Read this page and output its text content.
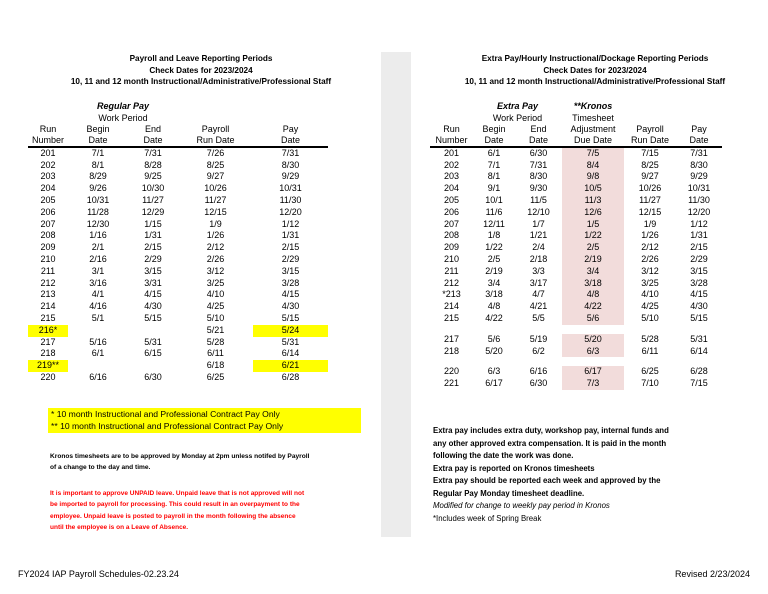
Payroll and Leave Reporting Periods
Check Dates for 2023/2024
10, 11 and 12 month Instructional/Administrative/Professional Staff
	Regular Pay			
	Work Period			
Run	Begin	End	Payroll	Pay
Number	Date	Date	Run Date	Date
201	7/1	7/31	7/26	7/31
202	8/1	8/28	8/25	8/30
203	8/29	9/25	9/27	9/29
204	9/26	10/30	10/26	10/31
205	10/31	11/27	11/27	11/30
206	11/28	12/29	12/15	12/20
207	12/30	1/15	1/9	1/12
208	1/16	1/31	1/26	1/31
209	2/1	2/15	2/12	2/15
210	2/16	2/29	2/26	2/29
211	3/1	3/15	3/12	3/15
212	3/16	3/31	3/25	3/28
213	4/1	4/15	4/10	4/15
214	4/16	4/30	4/25	4/30
215	5/1	5/15	5/10	5/15
216*			5/21	5/24
217	5/16	5/31	5/28	5/31
218	6/1	6/15	6/11	6/14
219**			6/18	6/21
220	6/16	6/30	6/25	6/28
* 10 month Instructional and Professional Contract Pay Only
** 10 month Instructional and Professional Contract Pay Only
Kronos timesheets are to be approved by Monday at 2pm unless notifed by Payroll
of a change to the day and time.
It is important to approve UNPAID leave. Unpaid leave that is not approved will not
be imported to payroll for processing. This could result in an overpayment to the
employee. Unpaid leave is posted to payroll in the month following the absence
until the employee is on a Leave of Absence.
Extra Pay/Hourly Instructional/Dockage Reporting Periods
Check Dates for 2023/2024
10, 11 and 12 month Instructional/Administrative/Professional Staff
	Extra Pay		**Kronos		
	Work Period		Timesheet		
Run	Begin	End	Adjustment	Payroll	Pay
Number	Date	Date	Due Date	Run Date	Date
201	6/1	6/30	7/5	7/15	7/31
202	7/1	7/31	8/4	8/25	8/30
203	8/1	8/30	9/8	9/27	9/29
204	9/1	9/30	10/5	10/26	10/31
205	10/1	11/5	11/3	11/27	11/30
206	11/6	12/10	12/6	12/15	12/20
207	12/11	1/7	1/5	1/9	1/12
208	1/8	1/21	1/22	1/26	1/31
209	1/22	2/4	2/5	2/12	2/15
210	2/5	2/18	2/19	2/26	2/29
211	2/19	3/3	3/4	3/12	3/15
212	3/4	3/17	3/18	3/25	3/28
*213	3/18	4/7	4/8	4/10	4/15
214	4/8	4/21	4/22	4/25	4/30
215	4/22	5/5	5/6	5/10	5/15

217	5/6	5/19	5/20	5/28	5/31
218	5/20	6/2	6/3	6/11	6/14

220	6/3	6/16	6/17	6/25	6/28
221	6/17	6/30	7/3	7/10	7/15
Extra pay includes extra duty, workshop pay, internal funds and
any other approved extra compensation. It is paid in the month
following the date the work was done.
Extra pay is reported on Kronos timesheets
Extra pay should be reported each week and approved by the
Regular Pay Monday timesheet deadline.
Modified for change to weekly pay period in Kronos
*Includes week of Spring Break
FY2024 IAP Payroll Schedules-02.23.24	Revised 2/23/2024
